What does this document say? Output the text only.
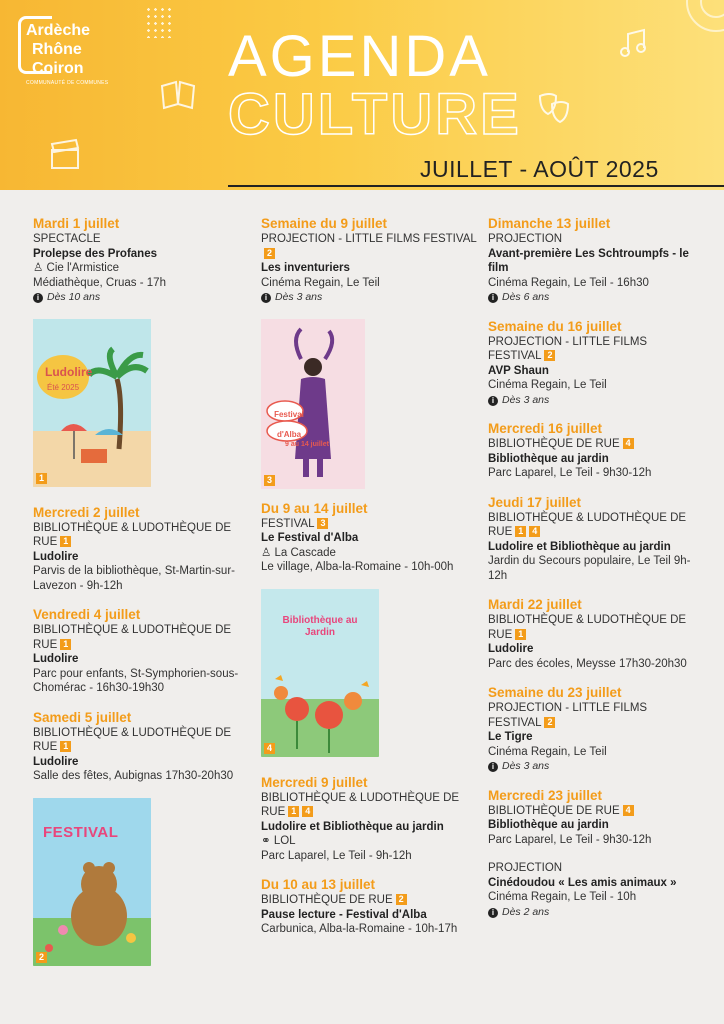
Ardèche
Rhône
Coiron
COMMUNAUTÉ DE COMMUNES AGENDA
CULTURE
JUILLET - AOÛT 2025
Mardi 1 juillet
SPECTACLE
Prolepse des Profanes
♙ Cie l'Armistice
Médiathèque, Cruas - 17h
i Dès 10 ans
Ludolire
Été 2025
1
Mercredi 2 juillet
BIBLIOTHÈQUE & LUDOTHÈQUE DE RUE 1
Ludolire
Parvis de la bibliothèque, St-Martin-sur-Lavezon - 9h-12h
Vendredi 4 juillet
BIBLIOTHÈQUE & LUDOTHÈQUE DE RUE 1
Ludolire
Parc pour enfants, St-Symphorien-sous-Chomérac - 16h30-19h30
Samedi 5 juillet
BIBLIOTHÈQUE & LUDOTHÈQUE DE RUE 1
Ludolire
Salle des fêtes, Aubignas 17h30-20h30
FESTIVAL
2
Semaine du 9 juillet
PROJECTION - LITTLE FILMS FESTIVAL2
Les inventuriers
Cinéma Regain, Le Teil
i Dès 3 ans
Festival d'Alba
9 au 14 juillet
3
Du 9 au 14 juillet
FESTIVAL 3
Le Festival d'Alba
♙ La Cascade
Le village, Alba-la-Romaine - 10h-00h
Bibliothèque au Jardin
4
Mercredi 9 juillet
BIBLIOTHÈQUE & LUDOTHÈQUE DE RUE 1 4
Ludolire et Bibliothèque au jardin
⚭ LOL
Parc Laparel, Le Teil - 9h-12h
Du 10 au 13 juillet
BIBLIOTHÈQUE DE RUE 2
Pause lecture - Festival d'Alba
Carbunica, Alba-la-Romaine - 10h-17h
Dimanche 13 juillet
PROJECTION
Avant-première Les Schtroumpfs - le film
Cinéma Regain, Le Teil - 16h30
i Dès 6 ans
Semaine du 16 juillet
PROJECTION - LITTLE FILMS FESTIVAL 2
AVP Shaun
Cinéma Regain, Le Teil
i Dès 3 ans
Mercredi 16 juillet
BIBLIOTHÈQUE DE RUE 4
Bibliothèque au jardin
Parc Laparel, Le Teil - 9h30-12h
Jeudi 17 juillet
BIBLIOTHÈQUE & LUDOTHÈQUE DE RUE 1 4
Ludolire et Bibliothèque au jardin
Jardin du Secours populaire, Le Teil 9h-12h
Mardi 22 juillet
BIBLIOTHÈQUE & LUDOTHÈQUE DE RUE 1
Ludolire
Parc des écoles, Meysse 17h30-20h30
Semaine du 23 juillet
PROJECTION - LITTLE FILMS FESTIVAL 2
Le Tigre
Cinéma Regain, Le Teil
i Dès 3 ans
Mercredi 23 juillet
BIBLIOTHÈQUE DE RUE 4
Bibliothèque au jardin
Parc Laparel, Le Teil - 9h30-12h
PROJECTION
Cinédoudou « Les amis animaux »
Cinéma Regain, Le Teil - 10h
i Dès 2 ans
